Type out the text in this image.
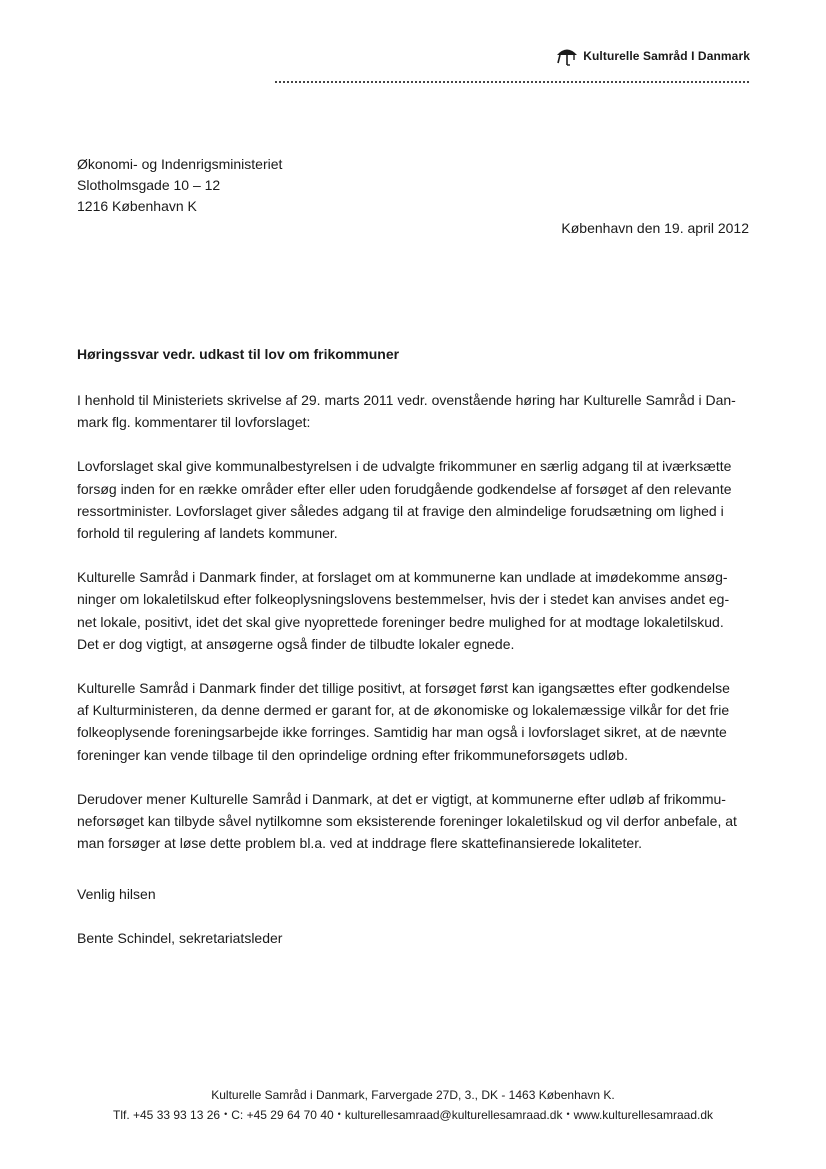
Kulturelle Samråd I Danmark
Økonomi- og Indenrigsministeriet
Slotholmsgade 10 – 12
1216 København K
København den 19. april 2012
Høringssvar vedr. udkast til lov om frikommuner

I henhold til Ministeriets skrivelse af 29. marts 2011 vedr. ovenstående høring har Kulturelle Samråd i Dan-
mark flg. kommentarer til lovforslaget:

Lovforslaget skal give kommunalbestyrelsen i de udvalgte frikommuner en særlig adgang til at iværksætte
forsøg inden for en række områder efter eller uden forudgående godkendelse af forsøget af den relevante
ressortminister. Lovforslaget giver således adgang til at fravige den almindelige forudsætning om lighed i
forhold til regulering af landets kommuner.

Kulturelle Samråd i Danmark finder, at forslaget om at kommunerne kan undlade at imødekomme ansøg-
ninger om lokaletilskud efter folkeoplysningslovens bestemmelser, hvis der i stedet kan anvises andet eg-
net lokale, positivt, idet det skal give nyoprettede foreninger bedre mulighed for at modtage lokaletilskud.
Det er dog vigtigt, at ansøgerne også finder de tilbudte lokaler egnede.

Kulturelle Samråd i Danmark finder det tillige positivt, at forsøget først kan igangsættes efter godkendelse
af Kulturministeren, da denne dermed er garant for, at de økonomiske og lokalemæssige vilkår for det frie
folkeoplysende foreningsarbejde ikke forringes. Samtidig har man også i lovforslaget sikret, at de nævnte
foreninger kan vende tilbage til den oprindelige ordning efter frikommuneforsøgets udløb.

Derudover mener Kulturelle Samråd i Danmark, at det er vigtigt, at kommunerne efter udløb af frikommu-
neforsøget kan tilbyde såvel nytilkomne som eksisterende foreninger lokaletilskud og vil derfor anbefale, at
man forsøger at løse dette problem bl.a. ved at inddrage flere skattefinansierede lokaliteter.

Venlig hilsen
Bente Schindel, sekretariatsleder
Kulturelle Samråd i Danmark, Farvergade 27D, 3., DK - 1463 København K.
Tlf. +45 33 93 13 26 • C: +45 29 64 70 40 • kulturellesamraad@kulturellesamraad.dk • www.kulturellesamraad.dk
